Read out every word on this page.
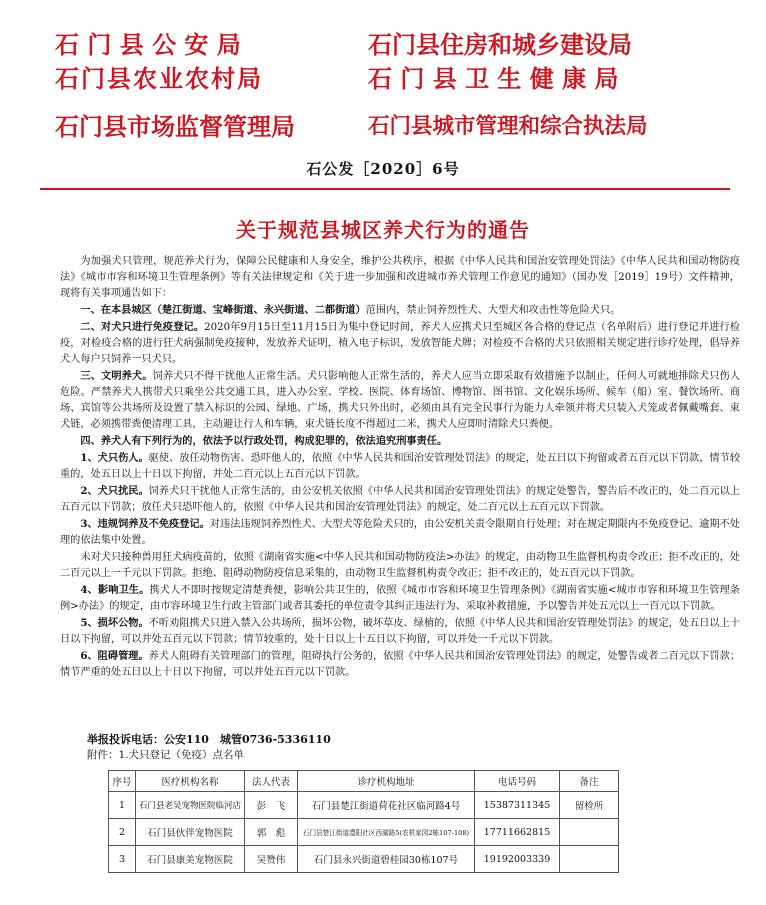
石 门 县 公 安 局
石门县农业农村局
石门县市场监督管理局
石门县住房和城乡建设局
石 门 县 卫 生 健 康 局
石门县城市管理和综合执法局
石公发［2020］6号
关于规范县城区养犬行为的通告

为加强犬只管理，规范养犬行为，保障公民健康和人身安全，维护公共秩序，根据《中华人民共和国治安管理处罚法》《中华人民共和国动物防疫法》《城市市容和环境卫生管理条例》等有关法律规定和《关于进一步加强和改进城市养犬管理工作意见的通知》（国办发［2019］19号）文件精神，现将有关事项通告如下：

一、在本县城区（楚江街道、宝峰街道、永兴街道、二都街道）范围内，禁止饲养烈性犬、大型犬和攻击性等危险犬只。

二、对犬只进行免疫登记。2020年9月15日至11月15日为集中登记时间，养犬人应携犬只至城区各合格的登记点（名单附后）进行登记并进行检疫，对检疫合格的进行狂犬病强制免疫接种，发放养犬证明，植入电子标识，发放智能犬牌；对检疫不合格的犬只依照相关规定进行诊疗处理，倡导养犬人每户只饲养一只犬只。

三、文明养犬。饲养犬只不得干扰他人正常生活。犬只影响他人正常生活的，养犬人应当立即采取有效措施予以制止，任何人可就地排除犬只伤人危险。严禁养犬人携带犬只乘坐公共交通工具，进入办公室、学校、医院、体育场馆、博物馆、图书馆、文化娱乐场所、候车（船）室、餐饮场所、商场、宾馆等公共场所及设置了禁入标识的公园、绿地、广场，携犬只外出时，必须由具有完全民事行为能力人牵领并将犬只装入犬笼或者佩戴嘴套、束犬链，必须携带粪便清理工具，主动避让行人和车辆，束犬链长度不得超过二米，携犬人应即时清除犬只粪便。

四、养犬人有下列行为的，依法予以行政处罚，构成犯罪的，依法追究刑事责任。

1、犬只伤人。驱使、放任动物伤害、恐吓他人的，依照《中华人民共和国治安管理处罚法》的规定，处五日以下拘留或者五百元以下罚款，情节较重的，处五日以上十日以下拘留，并处二百元以上五百元以下罚款。

2、犬只扰民。饲养犬只干扰他人正常生活的，由公安机关依照《中华人民共和国治安管理处罚法》的规定处警告，警告后不改正的，处二百元以上五百元以下罚款；放任犬只恐吓他人的，依照《中华人民共和国治安管理处罚法》的规定，处二百元以上五百元以下罚款。

3、违规饲养及不免疫登记。对违法违规饲养烈性犬、大型犬等危险犬只的，由公安机关责令限期自行处理；对在规定期限内不免疫登记、逾期不处理的依法集中处置。

未对犬只接种兽用狂犬病疫苗的，依照《湖南省实施<中华人民共和国动物防疫法>办法》的规定，由动物卫生监督机构责令改正；拒不改正的，处二百元以上一千元以下罚款。拒绝、阻碍动物防疫信息采集的，由动物卫生监督机构责令改正；拒不改正的，处五百元以下罚款。

4、影响卫生。携犬人不即时按规定清楚粪便，影响公共卫生的，依照《城市市容和环境卫生管理条例》《湖南省实施<城市市容和环境卫生管理条例>办法》的规定，由市容环境卫生行政主管部门或者其委托的单位责令其纠正违法行为、采取补救措施，予以警告并处五元以上一百元以下罚款。

5、损坏公物。不听劝阻携犬只进入禁入公共场所，损坏公物，破坏草皮、绿植的，依照《中华人民共和国治安管理处罚法》的规定，处五日以上十日以下拘留，可以并处五百元以下罚款；情节较重的，处十日以上十五日以下拘留，可以并处一千元以下罚款。

6、阻碍管理。养犬人阻碍有关管理部门的管理，阻碍执行公务的，依照《中华人民共和国治安管理处罚法》的规定，处警告或者二百元以下罚款；情节严重的处五日以上十日以下拘留，可以并处五百元以下罚款。

举报投诉电话：公安110　城管0736-5336110
附件：1.犬只登记（免疫）点名单
序号	医疗机构名称	法人代表	诊疗机构地址	电话号码	备注
1	石门县老吴宠物医院临河店	彭　飞	石门县楚江街道荷花社区临河路4号	15387311345	留检所
2	石门县伙伴宠物医院	郭　彪	石门县楚江街道澧阳社区西湖路5(农机家园2栋107-108)	17711662815	
3	石门县康美宠物医院	吴赞伟	石门县永兴街道碧桂园30栋107号	19192003339	
